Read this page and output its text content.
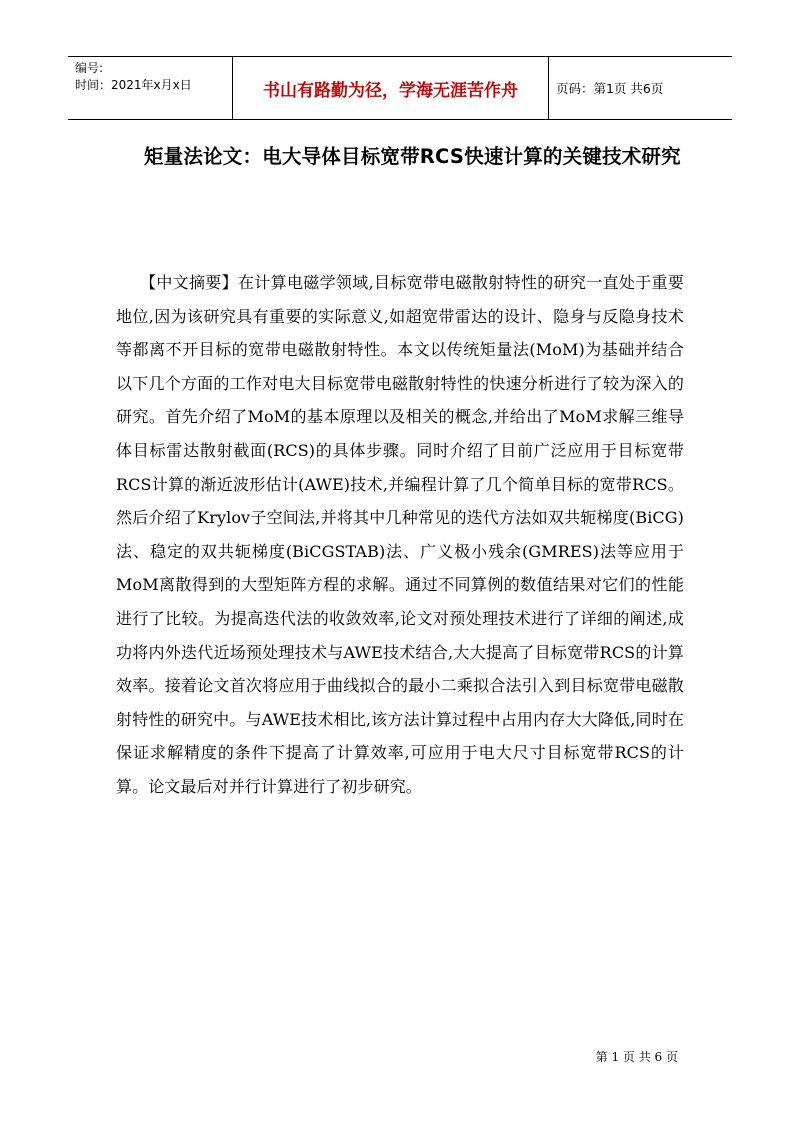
编号:
时间：2021年x月x日	书山有路勤为径，学海无涯苦作舟	页码：第1页 共6页
矩量法论文：电大导体目标宽带RCS快速计算的关键技术研究
【中文摘要】在计算电磁学领域,目标宽带电磁散射特性的研究一直处于重要地位,因为该研究具有重要的实际意义,如超宽带雷达的设计、隐身与反隐身技术等都离不开目标的宽带电磁散射特性。本文以传统矩量法(MoM)为基础并结合以下几个方面的工作对电大目标宽带电磁散射特性的快速分析进行了较为深入的研究。首先介绍了MoM的基本原理以及相关的概念,并给出了MoM求解三维导体目标雷达散射截面(RCS)的具体步骤。同时介绍了目前广泛应用于目标宽带RCS计算的渐近波形估计(AWE)技术,并编程计算了几个简单目标的宽带RCS。然后介绍了Krylov子空间法,并将其中几种常见的迭代方法如双共轭梯度(BiCG)法、稳定的双共轭梯度(BiCGSTAB)法、广义极小残余(GMRES)法等应用于MoM离散得到的大型矩阵方程的求解。通过不同算例的数值结果对它们的性能进行了比较。为提高迭代法的收敛效率,论文对预处理技术进行了详细的阐述,成功将内外迭代近场预处理技术与AWE技术结合,大大提高了目标宽带RCS的计算效率。接着论文首次将应用于曲线拟合的最小二乘拟合法引入到目标宽带电磁散射特性的研究中。与AWE技术相比,该方法计算过程中占用内存大大降低,同时在保证求解精度的条件下提高了计算效率,可应用于电大尺寸目标宽带RCS的计算。论文最后对并行计算进行了初步研究。
第 1 页 共 6 页
